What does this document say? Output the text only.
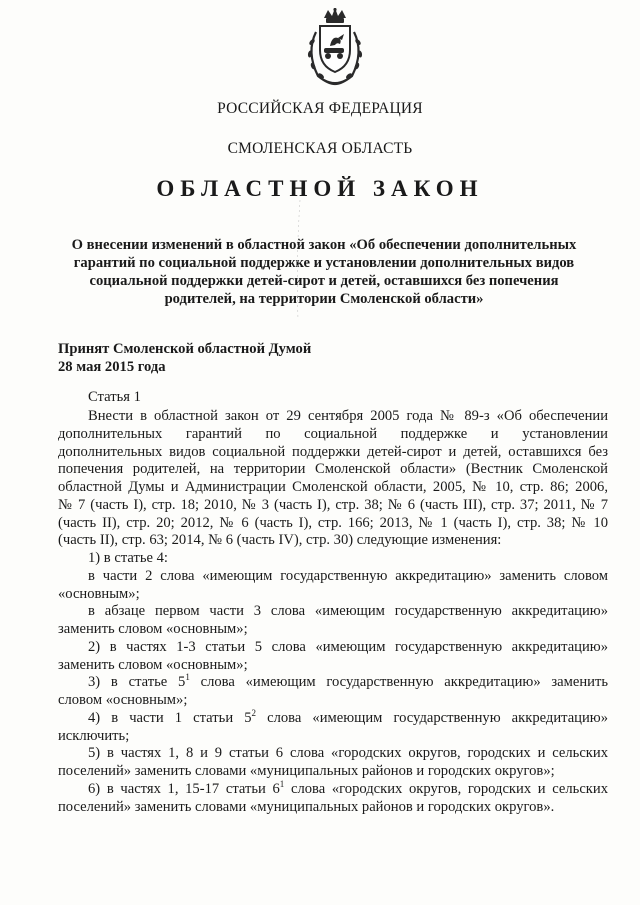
РОССИЙСКАЯ ФЕДЕРАЦИЯ
СМОЛЕНСКАЯ ОБЛАСТЬ
ОБЛАСТНОЙ ЗАКОН
О внесении изменений в областной закон «Об обеспечении дополнительных
гарантий по социальной поддержке и установлении дополнительных видов
социальной поддержки детей-сирот и детей, оставшихся без попечения
родителей, на территории Смоленской области»
Принят Смоленской областной Думой
28 мая 2015 года
Статья 1
Внести в областной закон от 29 сентября 2005 года № 89-з «Об обеспечении
дополнительных гарантий по социальной поддержке и установлении
дополнительных видов социальной поддержки детей-сирот и детей, оставшихся без
попечения родителей, на территории Смоленской области» (Вестник Смоленской
областной Думы и Администрации Смоленской области, 2005, № 10, стр. 86; 2006,
№ 7 (часть I), стр. 18; 2010, № 3 (часть I), стр. 38; № 6 (часть III), стр. 37; 2011, № 7
(часть II), стр. 20; 2012, № 6 (часть I), стр. 166; 2013, № 1 (часть I), стр. 38; № 10
(часть II), стр. 63; 2014, № 6 (часть IV), стр. 30) следующие изменения:
1) в статье 4:
в части 2 слова «имеющим государственную аккредитацию» заменить словом
«основным»;
в абзаце первом части 3 слова «имеющим государственную аккредитацию»
заменить словом «основным»;
2) в частях 1-3 статьи 5 слова «имеющим государственную аккредитацию»
заменить словом «основным»;
3) в статье $5^1$ слова «имеющим государственную аккредитацию» заменить
словом «основным»;
4) в части 1 статьи $5^2$ слова «имеющим государственную аккредитацию»
исключить;
5) в частях 1, 8 и 9 статьи 6 слова «городских округов, городских и сельских
поселений» заменить словами «муниципальных районов и городских округов»;
6) в частях 1, 15-17 статьи $6^1$ слова «городских округов, городских и сельских
поселений» заменить словами «муниципальных районов и городских округов».
